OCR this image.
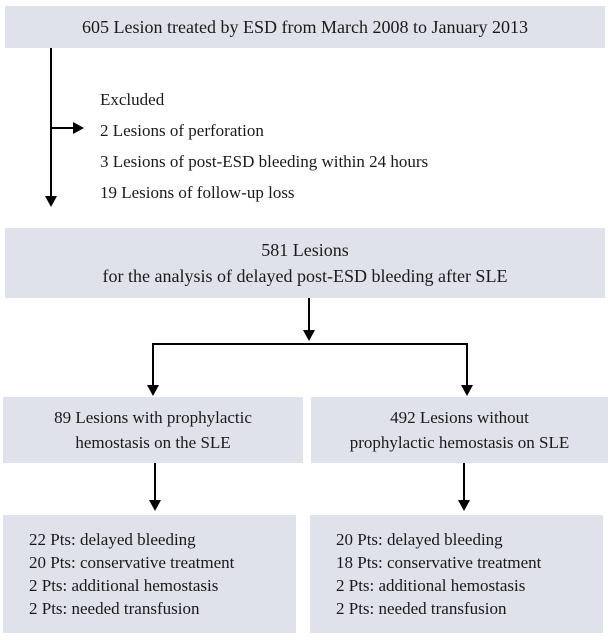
605 Lesion treated by ESD from March 2008 to January 2013
Excluded
2 Lesions of perforation
3 Lesions of post-ESD bleeding within 24 hours
19 Lesions of follow-up loss
581 Lesions
for the analysis of delayed post-ESD bleeding after SLE
89 Lesions with prophylactic
hemostasis on the SLE
492 Lesions without
prophylactic hemostasis on SLE
22 Pts: delayed bleeding
20 Pts: conservative treatment
2 Pts: additional hemostasis
2 Pts: needed transfusion
20 Pts: delayed bleeding
18 Pts: conservative treatment
2 Pts: additional hemostasis
2 Pts: needed transfusion
